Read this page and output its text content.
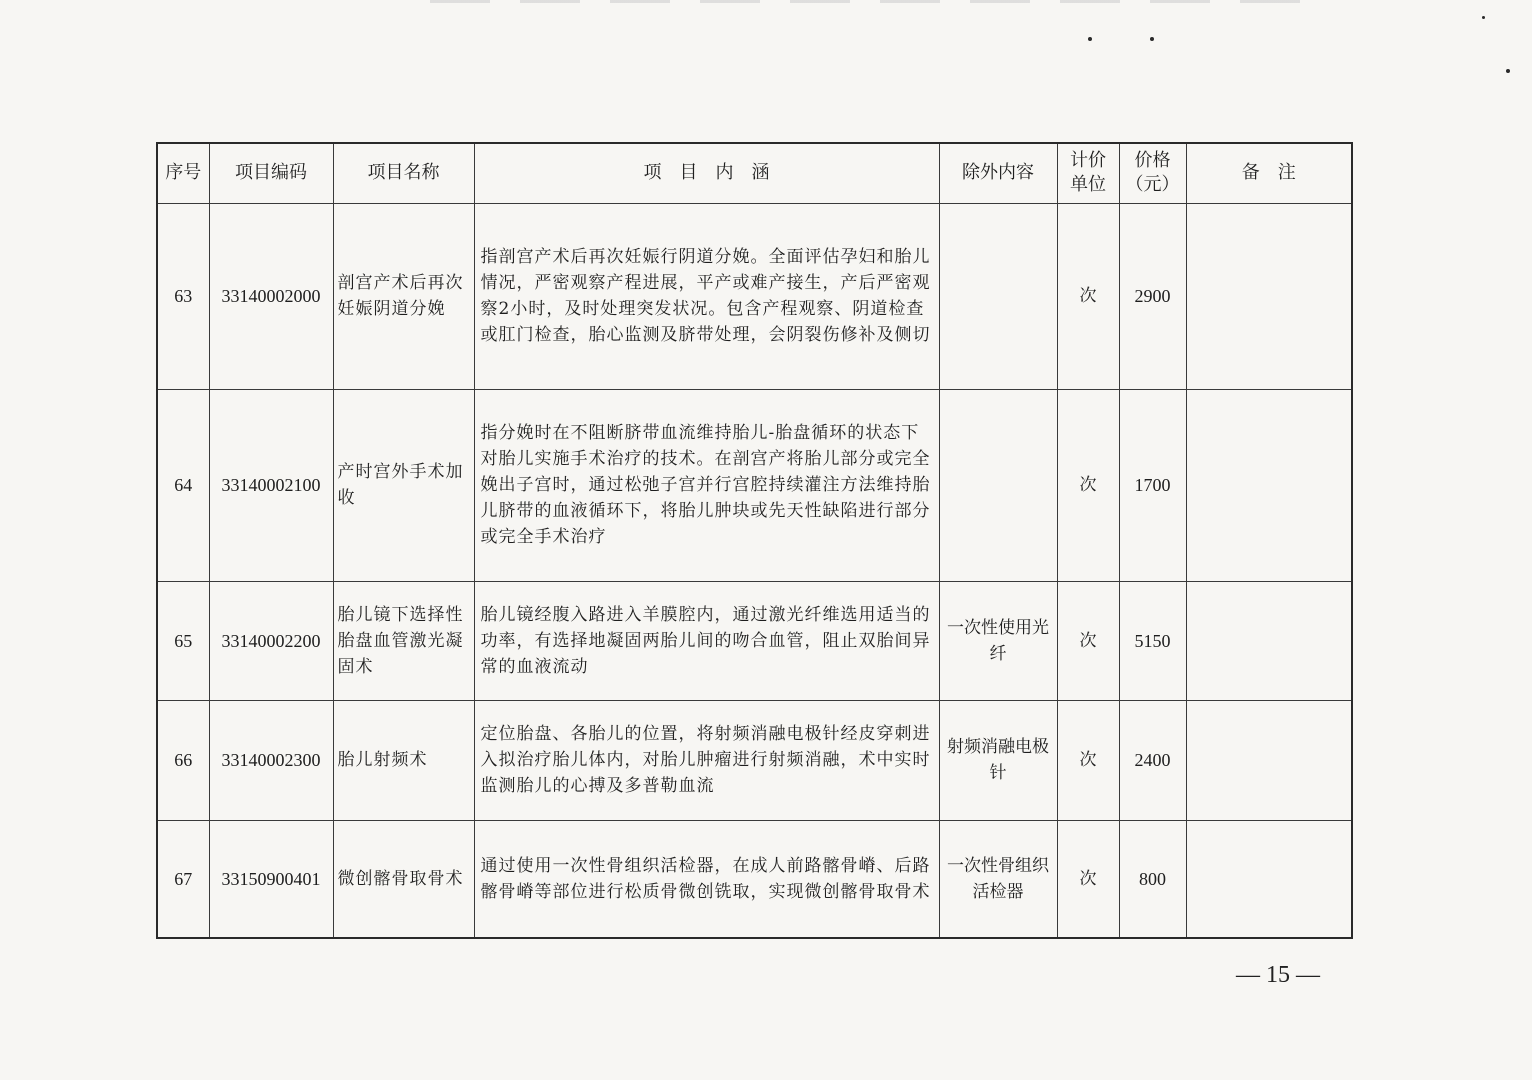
序号	项目编码	项目名称	项　目　内　涵	除外内容	计价单位	价格（元）	备　注
63	33140002000	剖宫产术后再次妊娠阴道分娩	指剖宫产术后再次妊娠行阴道分娩。全面评估孕妇和胎儿情况，严密观察产程进展，平产或难产接生，产后严密观察2小时，及时处理突发状况。包含产程观察、阴道检查或肛门检查，胎心监测及脐带处理，会阴裂伤修补及侧切		次	2900	
64	33140002100	产时宫外手术加收	指分娩时在不阻断脐带血流维持胎儿-胎盘循环的状态下对胎儿实施手术治疗的技术。在剖宫产将胎儿部分或完全娩出子宫时，通过松弛子宫并行宫腔持续灌注方法维持胎儿脐带的血液循环下，将胎儿肿块或先天性缺陷进行部分或完全手术治疗		次	1700	
65	33140002200	胎儿镜下选择性胎盘血管激光凝固术	胎儿镜经腹入路进入羊膜腔内，通过激光纤维选用适当的功率，有选择地凝固两胎儿间的吻合血管，阻止双胎间异常的血液流动	一次性使用光纤	次	5150	
66	33140002300	胎儿射频术	定位胎盘、各胎儿的位置，将射频消融电极针经皮穿刺进入拟治疗胎儿体内，对胎儿肿瘤进行射频消融，术中实时监测胎儿的心搏及多普勒血流	射频消融电极针	次	2400	
67	33150900401	微创髂骨取骨术	通过使用一次性骨组织活检器，在成人前路髂骨嵴、后路髂骨嵴等部位进行松质骨微创铣取，实现微创髂骨取骨术	一次性骨组织活检器	次	800	
— 15 —
